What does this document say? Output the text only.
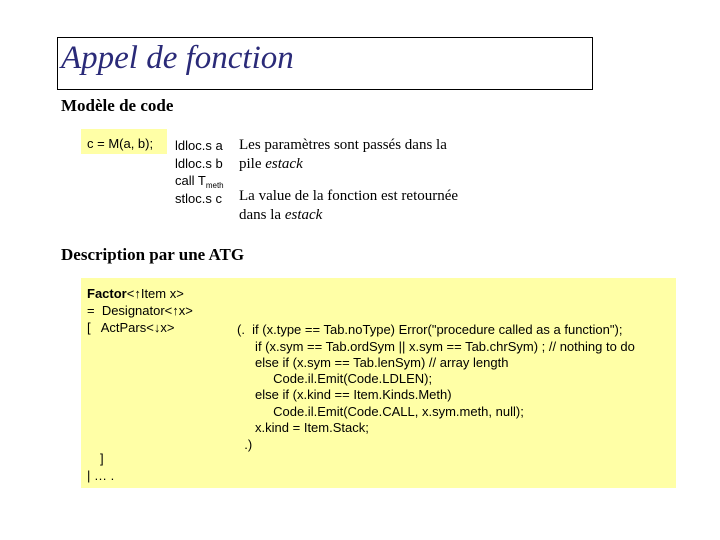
Appel de fonction
Modèle de code
c = M(a, b); ldloc.s a
ldloc.s b
call $T_{meth}$
stloc.s c
Les paramètres sont passés dans la
pile estack
La value de la fonction est retournée
dans la estack
Description par une ATG
Factor<↑Item x>
=  Designator<↑x>
[   ActPars<↓x>
]
| … .
(.  if (x.type == Tab.noType) Error("procedure called as a function");
if (x.sym == Tab.ordSym || x.sym == Tab.chrSym) ; // nothing to do
else if (x.sym == Tab.lenSym) // array length
Code.il.Emit(Code.LDLEN);
else if (x.kind == Item.Kinds.Meth)
Code.il.Emit(Code.CALL, x.sym.meth, null);
x.kind = Item.Stack;
.)
